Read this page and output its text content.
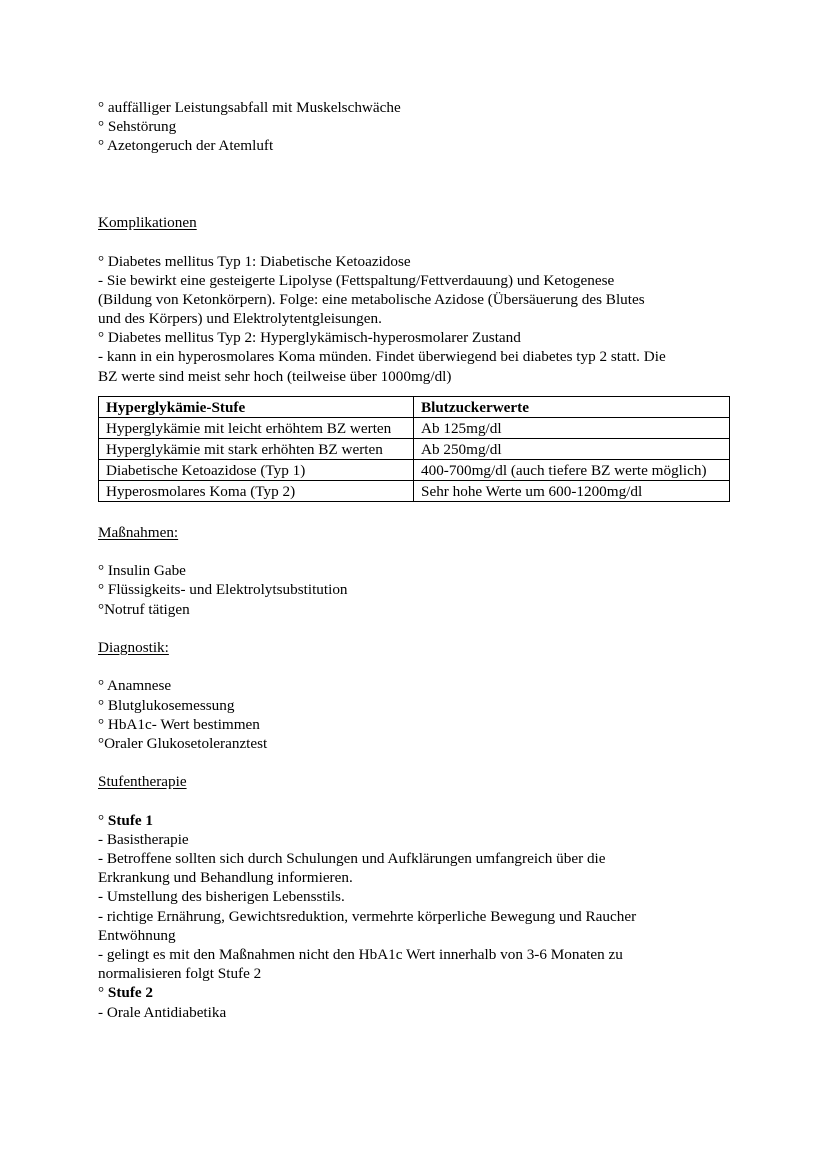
° auffälliger Leistungsabfall mit Muskelschwäche
° Sehstörung
° Azetongeruch der Atemluft
Komplikationen
° Diabetes mellitus Typ 1: Diabetische Ketoazidose
- Sie bewirkt eine gesteigerte Lipolyse (Fettspaltung/Fettverdauung) und Ketogenese
(Bildung von Ketonkörpern). Folge: eine metabolische Azidose (Übersäuerung des Blutes
und des Körpers) und Elektrolytentgleisungen.
° Diabetes mellitus Typ 2: Hyperglykämisch-hyperosmolarer Zustand
- kann in ein hyperosmolares Koma münden. Findet überwiegend bei diabetes typ 2 statt. Die
BZ werte sind meist sehr hoch (teilweise über 1000mg/dl)
Hyperglykämie-Stufe	Blutzuckerwerte
Hyperglykämie mit leicht erhöhtem BZ werten	Ab 125mg/dl
Hyperglykämie mit stark erhöhten BZ werten	Ab 250mg/dl
Diabetische Ketoazidose (Typ 1)	400-700mg/dl (auch tiefere BZ werte möglich)
Hyperosmolares Koma (Typ 2)	Sehr hohe Werte um 600-1200mg/dl
Maßnahmen:
° Insulin Gabe
° Flüssigkeits- und Elektrolytsubstitution
°Notruf tätigen
Diagnostik:
° Anamnese
° Blutglukosemessung
° HbA1c- Wert bestimmen
°Oraler Glukosetoleranztest
Stufentherapie
° Stufe 1
- Basistherapie
- Betroffene sollten sich durch Schulungen und Aufklärungen umfangreich über die
Erkrankung und Behandlung informieren.
- Umstellung des bisherigen Lebensstils.
- richtige Ernährung, Gewichtsreduktion, vermehrte körperliche Bewegung und Raucher
Entwöhnung
- gelingt es mit den Maßnahmen nicht den HbA1c Wert innerhalb von 3-6 Monaten zu
normalisieren folgt Stufe 2
° Stufe 2
- Orale Antidiabetika
